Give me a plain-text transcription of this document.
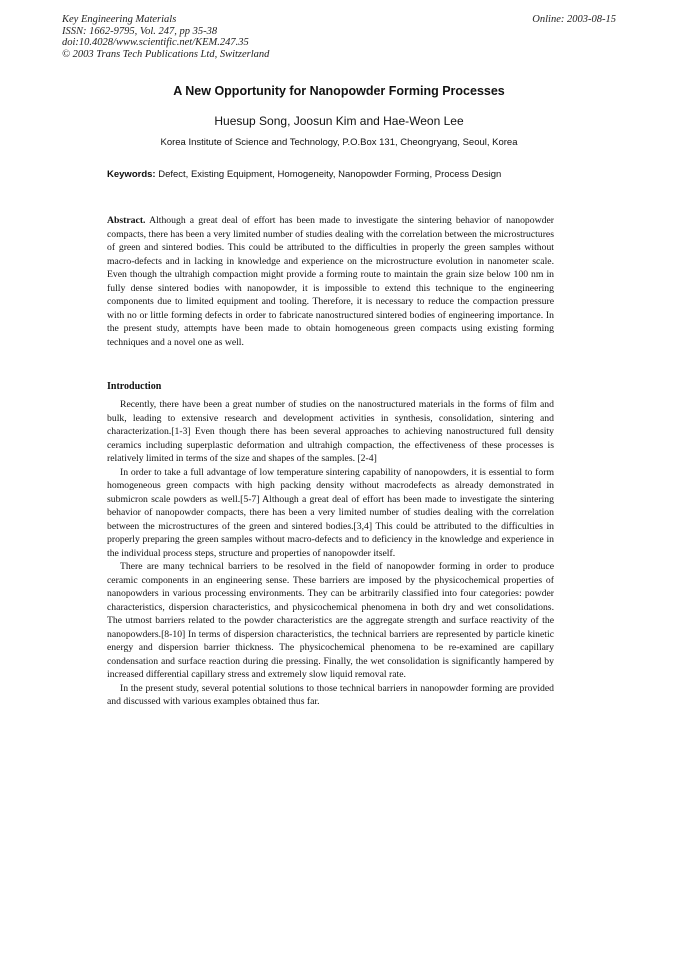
Key Engineering Materials
ISSN: 1662-9795, Vol. 247, pp 35-38
doi:10.4028/www.scientific.net/KEM.247.35
© 2003 Trans Tech Publications Ltd, Switzerland
Online: 2003-08-15
A New Opportunity for Nanopowder Forming Processes
Huesup Song, Joosun Kim and Hae-Weon Lee
Korea Institute of Science and Technology, P.O.Box 131, Cheongryang, Seoul, Korea
Keywords: Defect, Existing Equipment, Homogeneity, Nanopowder Forming, Process Design

Abstract. Although a great deal of effort has been made to investigate the sintering behavior of nanopowder compacts, there has been a very limited number of studies dealing with the correlation between the microstructures of green and sintered bodies. This could be attributed to the difficulties in properly the green samples without macro-defects and in lacking in knowledge and experience on the microstructure evolution in nanometer scale. Even though the ultrahigh compaction might provide a forming route to maintain the grain size below 100 nm in fully dense sintered bodies with nanopowder, it is impossible to extend this technique to the engineering components due to limited equipment and tooling. Therefore, it is necessary to reduce the compaction pressure with no or little forming defects in order to fabricate nanostructured sintered bodies of engineering importance. In the present study, attempts have been made to obtain homogeneous green compacts using existing forming techniques and a novel one as well.

Introduction

Recently, there have been a great number of studies on the nanostructured materials in the forms of film and bulk, leading to extensive research and development activities in synthesis, consolidation, sintering and characterization.[1-3] Even though there has been several approaches to achieving nanostructured full density ceramics including superplastic deformation and ultrahigh compaction, the effectiveness of these processes is relatively limited in terms of the size and shapes of the samples. [2-4]

In order to take a full advantage of low temperature sintering capability of nanopowders, it is essential to form homogeneous green compacts with high packing density without macrodefects as already demonstrated in submicron scale powders as well.[5-7] Although a great deal of effort has been made to investigate the sintering behavior of nanopowder compacts, there has been a very limited number of studies dealing with the correlation between the microstructures of the green and sintered bodies.[3,4] This could be attributed to the difficulties in properly preparing the green samples without macro-defects and to deficiency in the knowledge and experience in the individual process steps, structure and properties of nanopowder itself.

There are many technical barriers to be resolved in the field of nanopowder forming in order to produce ceramic components in an engineering sense. These barriers are imposed by the physicochemical properties of nanopowders in various processing environments. They can be arbitrarily classified into four categories: powder characteristics, dispersion characteristics, and physicochemical phenomena in both dry and wet consolidations. The utmost barriers related to the powder characteristics are the aggregate strength and surface reactivity of the nanopowders.[8-10] In terms of dispersion characteristics, the technical barriers are represented by particle kinetic energy and dispersion barrier thickness. The physicochemical phenomena to be re-examined are capillary condensation and surface reaction during die pressing. Finally, the wet consolidation is significantly hampered by increased differential capillary stress and extremely slow liquid removal rate.

In the present study, several potential solutions to those technical barriers in nanopowder forming are provided and discussed with various examples obtained thus far.
